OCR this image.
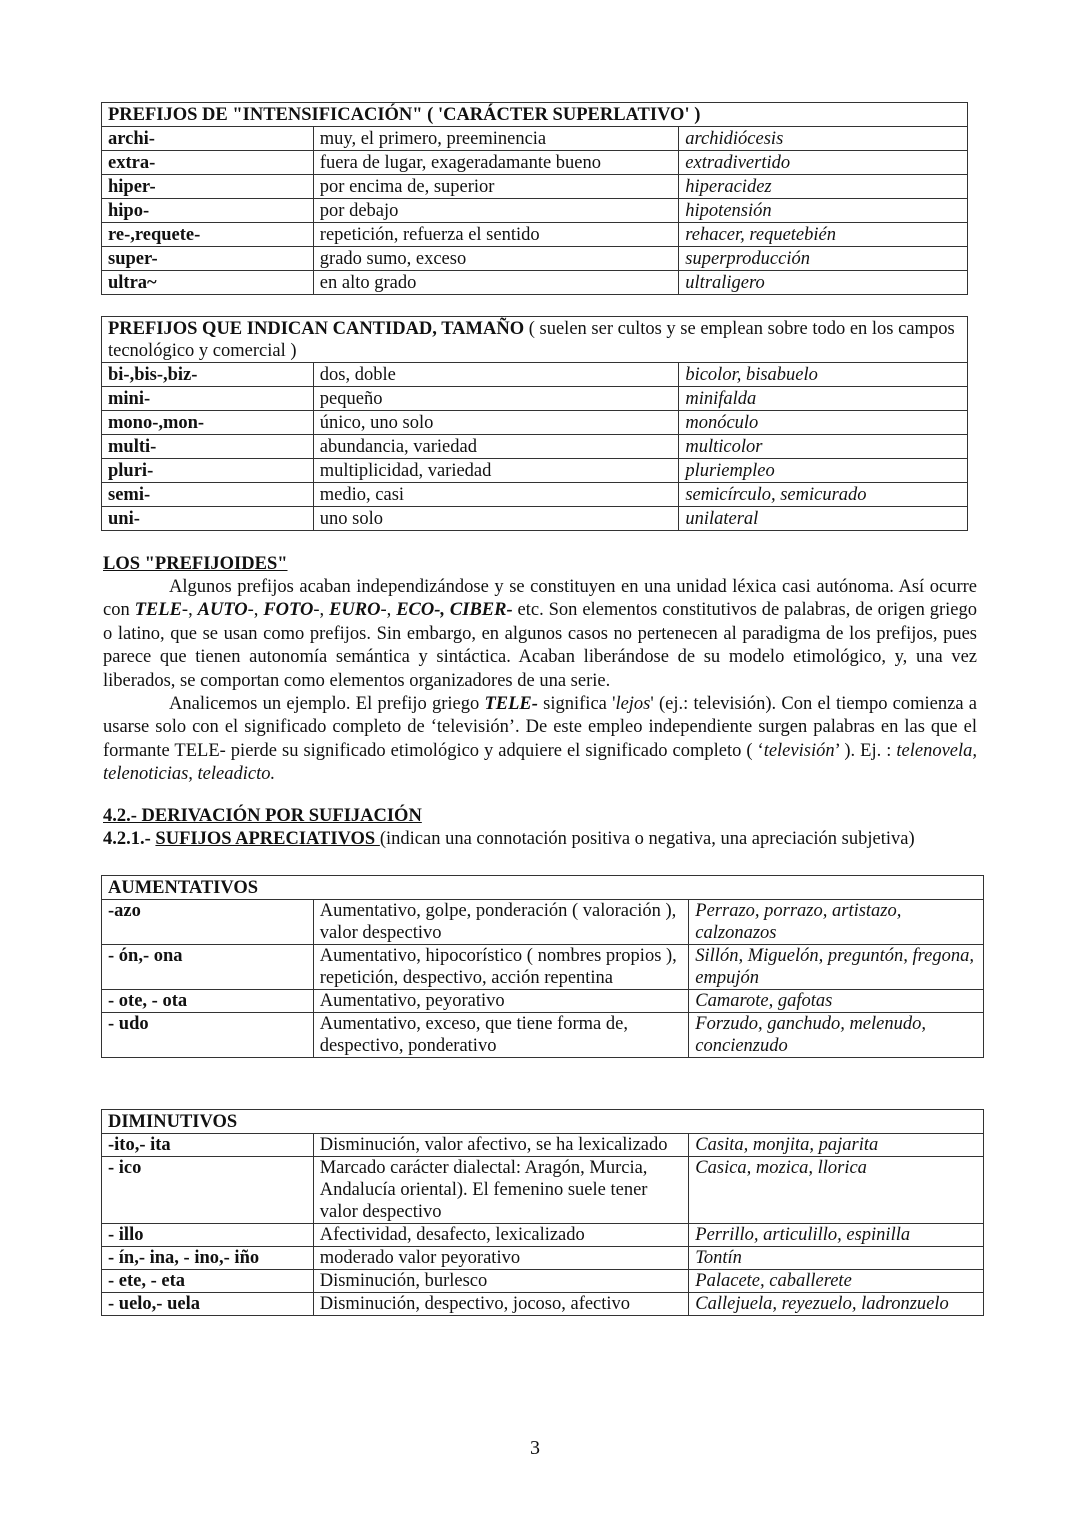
PREFIJOS DE "INTENSIFICACIÓN" ( 'CARÁCTER SUPERLATIVO' )		
archi-	muy, el primero, preeminencia	archidiócesis
extra-	fuera de lugar, exageradamante bueno	extradivertido
hiper-	por encima de, superior	hiperacidez
hipo-	por debajo	hipotensión
re-,requete-	repetición, refuerza el sentido	rehacer, requetebién
super-	grado sumo, exceso	superproducción
ultra~	en alto grado	ultraligero
PREFIJOS QUE INDICAN CANTIDAD, TAMAÑO ( suelen ser cultos y se emplean sobre todo en los campos tecnológico y comercial )		
bi-,bis-,biz-	dos, doble	bicolor, bisabuelo
mini-	pequeño	minifalda
mono-,mon-	único, uno solo	monóculo
multi-	abundancia, variedad	multicolor
pluri-	multiplicidad, variedad	pluriempleo
semi-	medio, casi	semicírculo, semicurado
uni-	uno solo	unilateral
LOS "PREFIJOIDES"

Algunos prefijos acaban independizándose y se constituyen en una unidad léxica casi autónoma. Así ocurre con TELE-, AUTO-, FOTO-, EURO-, ECO-, CIBER- etc. Son elementos constitutivos de palabras, de origen griego o latino, que se usan como prefijos. Sin embargo, en algunos casos no pertenecen al paradigma de los prefijos, pues parece que tienen autonomía semántica y sintáctica. Acaban liberándose de su modelo etimológico, y, una vez liberados, se comportan como elementos organizadores de una serie.

Analicemos un ejemplo. El prefijo griego TELE- significa 'lejos' (ej.: televisión). Con el tiempo comienza a usarse solo con el significado completo de ‘televisión’. De este empleo independiente surgen palabras en las que el formante TELE- pierde su significado etimológico y adquiere el significado completo ( ‘televisión’ ). Ej. : telenovela, telenoticias, teleadicto.

4.2.- DERIVACIÓN POR SUFIJACIÓN
4.2.1.- SUFIJOS APRECIATIVOS (indican una connotación positiva o negativa, una apreciación subjetiva)
AUMENTATIVOS		
-azo	Aumentativo, golpe, ponderación ( valoración ), valor despectivo	Perrazo, porrazo, artistazo, calzonazos
- ón,- ona	Aumentativo, hipocorístico ( nombres propios ), repetición, despectivo, acción repentina	Sillón, Miguelón, preguntón, fregona, empujón
- ote, - ota	Aumentativo, peyorativo	Camarote, gafotas
- udo	Aumentativo, exceso, que tiene forma de, despectivo, ponderativo	Forzudo, ganchudo, melenudo, concienzudo
DIMINUTIVOS		
-ito,- ita	Disminución, valor afectivo, se ha lexicalizado	Casita, monjita, pajarita
- ico	Marcado carácter dialectal: Aragón, Murcia, Andalucía oriental). El femenino suele tener valor despectivo	Casica, mozica, llorica
- illo	Afectividad, desafecto, lexicalizado	Perrillo, articulillo, espinilla
- ín,- ina, - ino,- iño	moderado valor peyorativo	Tontín
- ete, - eta	Disminución, burlesco	Palacete, caballerete
- uelo,- uela	Disminución, despectivo, jocoso, afectivo	Callejuela, reyezuelo, ladronzuelo
3
